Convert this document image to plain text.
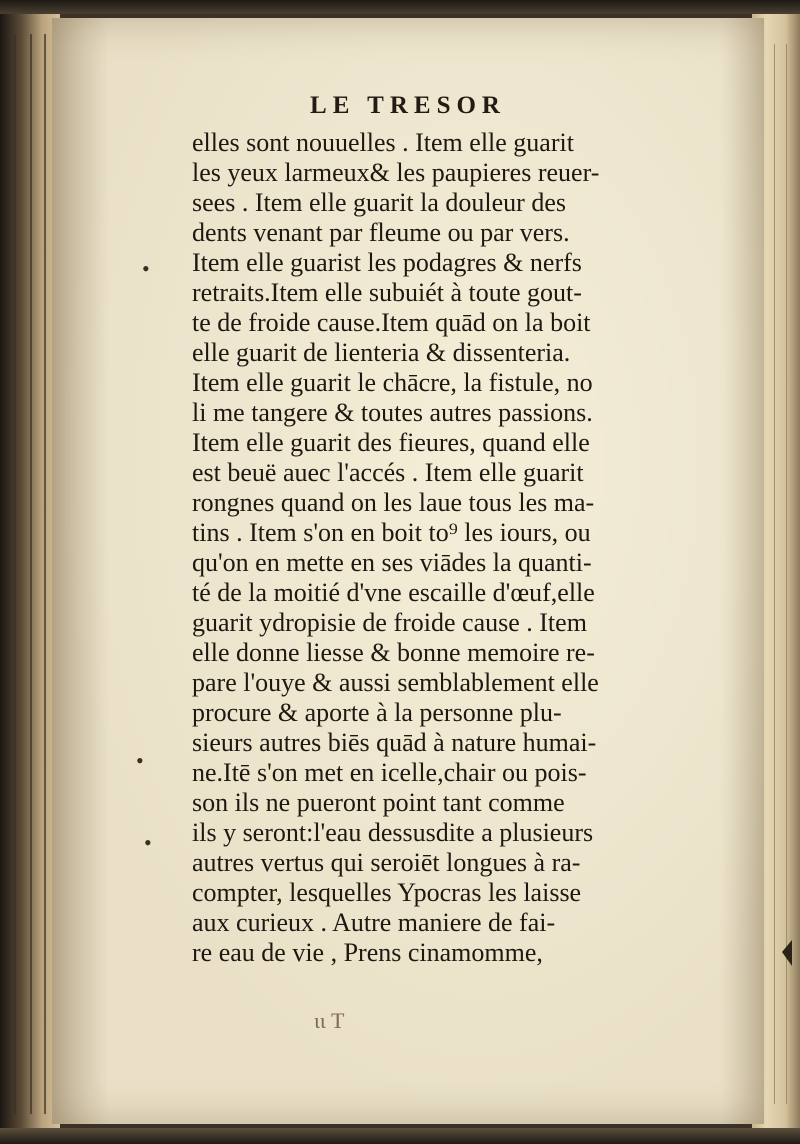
LE TRESOR
elles sont nouuelles . Item elle guarit
les yeux larmeux& les paupieres reuer-
sees . Item elle guarit la douleur des
dents venant par fleume ou par vers.
Item elle guarist les podagres & nerfs
retraits.Item elle subuiét à toute gout-
te de froide cause.Item quād on la boit
elle guarit de lienteria & dissenteria.
Item elle guarit le chācre, la fistule, no
li me tangere & toutes autres passions.
Item elle guarit des fieures, quand elle
est beuë auec l'accés . Item elle guarit
rongnes quand on les laue tous les ma-
tins . Item s'on en boit to⁹ les iours, ou
qu'on en mette en ses viādes la quanti-
té de la moitié d'vne escaille d'œuf,elle
guarit ydropisie de froide cause . Item
elle donne liesse & bonne memoire re-
pare l'ouye & aussi semblablement elle
procure & aporte à la personne plu-
sieurs autres biēs quād à nature humai-
ne.Itē s'on met en icelle,chair ou pois-
son ils ne pueront point tant comme
ils y seront:l'eau dessusdite a plusieurs
autres vertus qui seroiēt longues à ra-
compter, lesquelles Ypocras les laisse
aux curieux . Autre maniere de fai-
re eau de vie , Prens cinamomme,
•
•
•
ιι Τ
